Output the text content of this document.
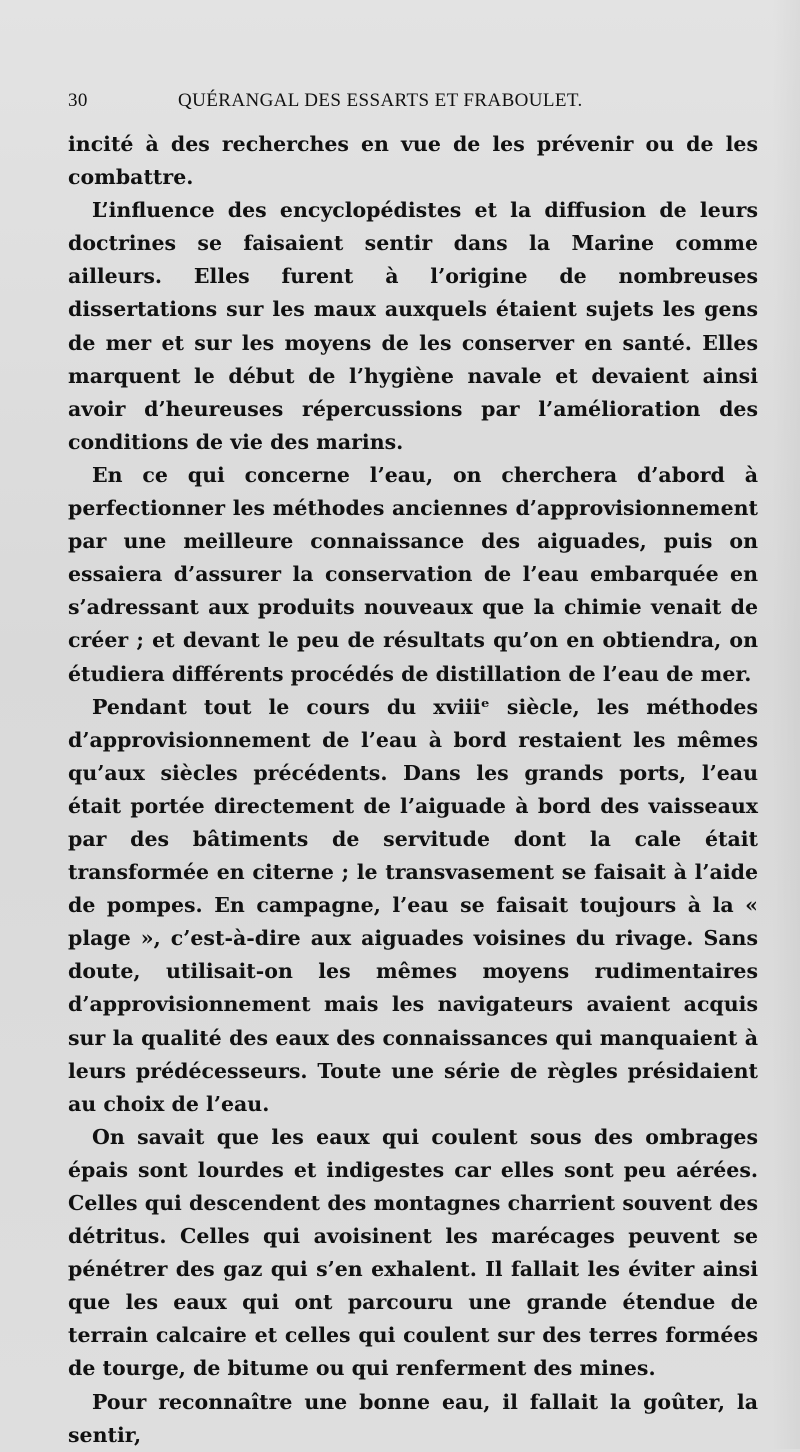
30	QUÉRANGAL DES ESSARTS ET FRABOULET.

incité à des recherches en vue de les prévenir ou de les combattre.

L’influence des encyclopédistes et la diffusion de leurs doctrines se faisaient sentir dans la Marine comme ailleurs. Elles furent à l’origine de nombreuses dissertations sur les maux auxquels étaient sujets les gens de mer et sur les moyens de les conserver en santé. Elles marquent le début de l’hygiène navale et devaient ainsi avoir d’heureuses répercussions par l’amélioration des conditions de vie des marins.

En ce qui concerne l’eau, on cherchera d’abord à perfectionner les méthodes anciennes d’approvisionnement par une meilleure connaissance des aiguades, puis on essaiera d’assurer la conservation de l’eau embarquée en s’adressant aux produits nouveaux que la chimie venait de créer ; et devant le peu de résultats qu’on en obtiendra, on étudiera différents procédés de distillation de l’eau de mer.

Pendant tout le cours du xviiiᵉ siècle, les méthodes d’approvisionnement de l’eau à bord restaient les mêmes qu’aux siècles précédents. Dans les grands ports, l’eau était portée directement de l’aiguade à bord des vaisseaux par des bâtiments de servitude dont la cale était transformée en citerne ; le transvasement se faisait à l’aide de pompes. En campagne, l’eau se faisait toujours à la « plage », c’est-à-dire aux aiguades voisines du rivage. Sans doute, utilisait-on les mêmes moyens rudimentaires d’approvisionnement mais les navigateurs avaient acquis sur la qualité des eaux des connaissances qui manquaient à leurs prédécesseurs. Toute une série de règles présidaient au choix de l’eau.

On savait que les eaux qui coulent sous des ombrages épais sont lourdes et indigestes car elles sont peu aérées. Celles qui descendent des montagnes charrient souvent des détritus. Celles qui avoisinent les marécages peuvent se pénétrer des gaz qui s’en exhalent. Il fallait les éviter ainsi que les eaux qui ont parcouru une grande étendue de terrain calcaire et celles qui coulent sur des terres formées de tourge, de bitume ou qui renferment des mines.

Pour reconnaître une bonne eau, il fallait la goûter, la sentir,
